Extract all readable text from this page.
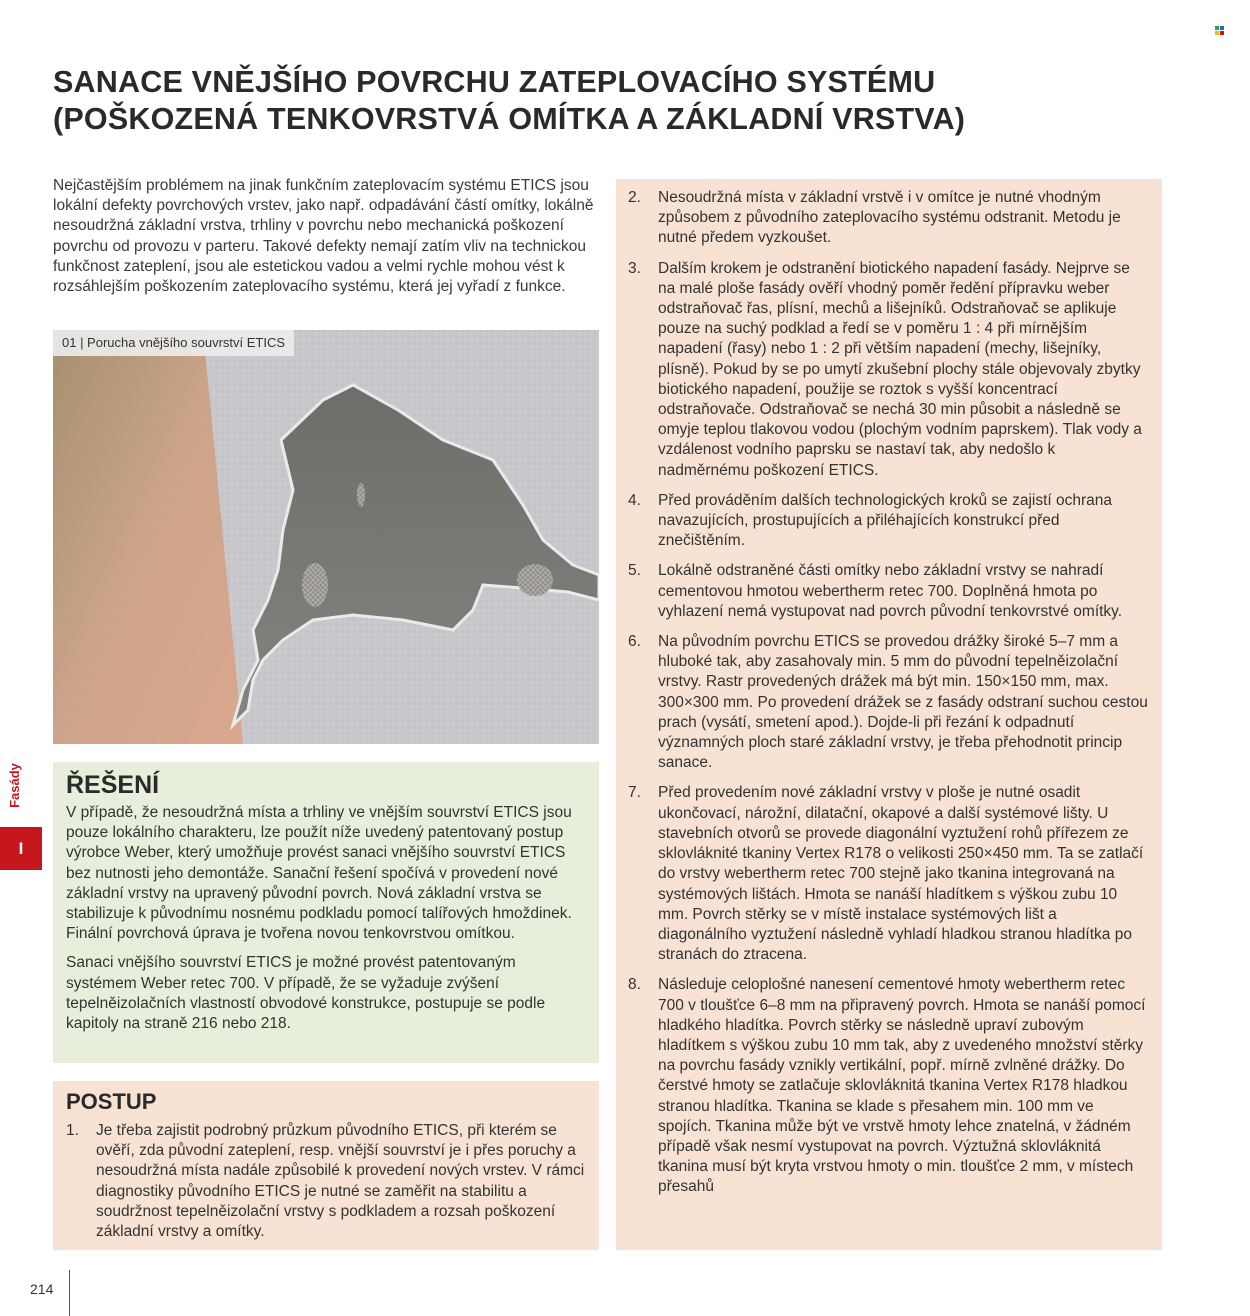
SANACE VNĚJŠÍHO POVRCHU ZATEPLOVACÍHO SYSTÉMU
(POŠKOZENÁ TENKOVRSTVÁ OMÍTKA A ZÁKLADNÍ VRSTVA)

Nejčastějším problémem na jinak funkčním zateplovacím systému ETICS jsou lokální defekty povrchových vrstev, jako např. odpadávání částí omítky, lokálně nesoudržná základní vrstva, trhliny v povrchu nebo mechanická poškození povrchu od provozu v parteru. Takové defekty nemají zatím vliv na technickou funkčnost zateplení, jsou ale estetickou vadou a velmi rychle mohou vést k rozsáhlejším poškozením zateplovacího systému, která jej vyřadí z funkce.

01 | Porucha vnějšího souvrství ETICS
Fasády
I
ŘEŠENÍ

V případě, že nesoudržná místa a trhliny ve vnějším souvrství ETICS jsou pouze lokálního charakteru, lze použít níže uvedený patentovaný postup výrobce Weber, který umožňuje provést sanaci vnějšího souvrství ETICS bez nutnosti jeho demontáže. Sanační řešení spočívá v provedení nové základní vrstvy na upravený původní povrch. Nová základní vrstva se stabilizuje k původnímu nosnému podkladu pomocí talířových hmoždinek. Finální povrchová úprava je tvořena novou tenkovrstvou omítkou.

Sanaci vnějšího souvrství ETICS je možné provést patentovaným systémem Weber retec 700. V případě, že se vyžaduje zvýšení tepelněizolačních vlastností obvodové konstrukce, postupuje se podle kapitoly na straně 216 nebo 218.

POSTUP
1.	Je třeba zajistit podrobný průzkum původního ETICS, při kterém se ověří, zda původní zateplení, resp. vnější souvrství je i přes poruchy a nesoudržná místa nadále způsobilé k provedení nových vrstev. V rámci diagnostiky původního ETICS je nutné se zaměřit na stabilitu a soudržnost tepelněizolační vrstvy s podkladem a rozsah poškození základní vrstvy a omítky.
2.	Nesoudržná místa v základní vrstvě i v omítce je nutné vhodným způsobem z původního zateplovacího systému odstranit. Metodu je nutné předem vyzkoušet.
3.	Dalším krokem je odstranění biotického napadení fasády. Nejprve se na malé ploše fasády ověří vhodný poměr ředění přípravku weber odstraňovač řas, plísní, mechů a lišejníků. Odstraňovač se aplikuje pouze na suchý podklad a ředí se v poměru 1 : 4 při mírnějším napadení (řasy) nebo 1 : 2 při větším napadení (mechy, lišejníky, plísně). Pokud by se po umytí zkušební plochy stále objevovaly zbytky biotického napadení, použije se roztok s vyšší koncentrací odstraňovače. Odstraňovač se nechá 30 min působit a následně se omyje teplou tlakovou vodou (plochým vodním paprskem). Tlak vody a vzdálenost vodního paprsku se nastaví tak, aby nedošlo k nadměrnému poškození ETICS.
4.	Před prováděním dalších technologických kroků se zajistí ochrana navazujících, prostupujících a přiléhajících konstrukcí před znečištěním.
5.	Lokálně odstraněné části omítky nebo základní vrstvy se nahradí cementovou hmotou webertherm retec 700. Doplněná hmota po vyhlazení nemá vystupovat nad povrch původní tenkovrstvé omítky.
6.	Na původním povrchu ETICS se provedou drážky široké 5–7 mm a hluboké tak, aby zasahovaly min. 5 mm do původní tepelněizolační vrstvy. Rastr provedených drážek má být min. 150×150 mm, max. 300×300 mm. Po provedení drážek se z fasády odstraní suchou cestou prach (vysátí, smetení apod.). Dojde-li při řezání k odpadnutí významných ploch staré základní vrstvy, je třeba přehodnotit princip sanace.
7.	Před provedením nové základní vrstvy v ploše je nutné osadit ukončovací, nárožní, dilatační, okapové a další systémové lišty. U stavebních otvorů se provede diagonální vyztužení rohů přířezem ze sklovláknité tkaniny Vertex R178 o velikosti 250×450 mm. Ta se zatlačí do vrstvy webertherm retec 700 stejně jako tkanina integrovaná na systémových lištách. Hmota se nanáší hladítkem s výškou zubu 10 mm. Povrch stěrky se v místě instalace systémových lišt a diagonálního vyztužení následně vyhladí hladkou stranou hladítka po stranách do ztracena.
8.	Následuje celoplošné nanesení cementové hmoty webertherm retec 700 v tloušťce 6–8 mm na připravený povrch. Hmota se nanáší pomocí hladkého hladítka. Povrch stěrky se následně upraví zubovým hladítkem s výškou zubu 10 mm tak, aby z uvedeného množství stěrky na povrchu fasády vznikly vertikální, popř. mírně zvlněné drážky. Do čerstvé hmoty se zatlačuje sklovláknitá tkanina Vertex R178 hladkou stranou hladítka. Tkanina se klade s přesahem min. 100 mm ve spojích. Tkanina může být ve vrstvě hmoty lehce znatelná, v žádném případě však nesmí vystupovat na povrch. Výztužná sklovláknitá tkanina musí být kryta vrstvou hmoty o min. tloušťce 2 mm, v místech přesahů
214
